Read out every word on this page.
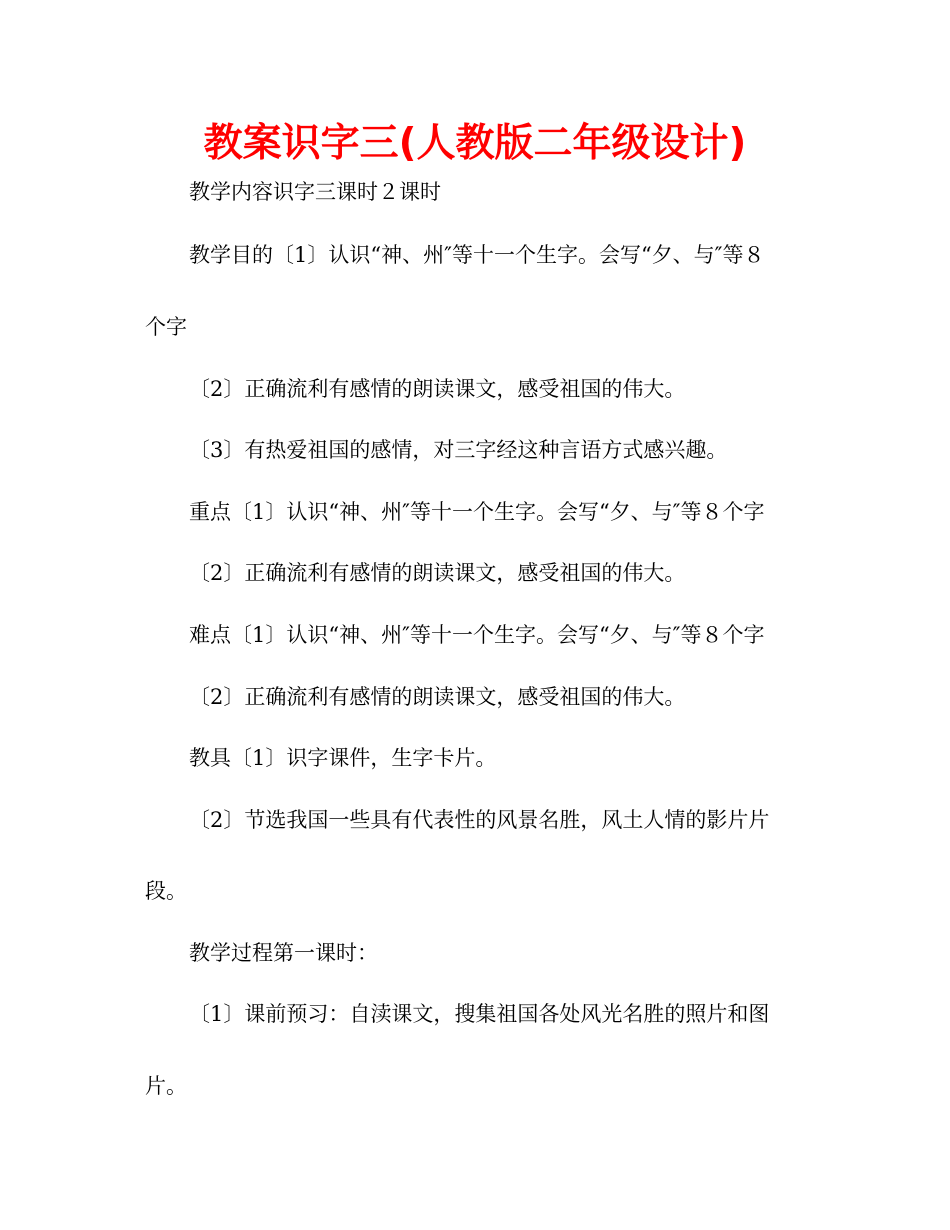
教案识字三(人教版二年级设计)
教学内容识字三课时２课时
教学目的〔1〕认识“神、州″等十一个生字。会写“夕、与″等８
个字
〔2〕正确流利有感情的朗读课文，感受祖国的伟大。
〔3〕有热爱祖国的感情，对三字经这种言语方式感兴趣。
重点〔1〕认识“神、州″等十一个生字。会写“夕、与″等８个字
〔2〕正确流利有感情的朗读课文，感受祖国的伟大。
难点〔1〕认识“神、州″等十一个生字。会写“夕、与″等８个字
〔2〕正确流利有感情的朗读课文，感受祖国的伟大。
教具〔1〕识字课件，生字卡片。
〔2〕节选我国一些具有代表性的风景名胜，风土人情的影片片
段。
教学过程第一课时：
〔1〕课前预习：自渎课文，搜集祖国各处风光名胜的照片和图
片。
